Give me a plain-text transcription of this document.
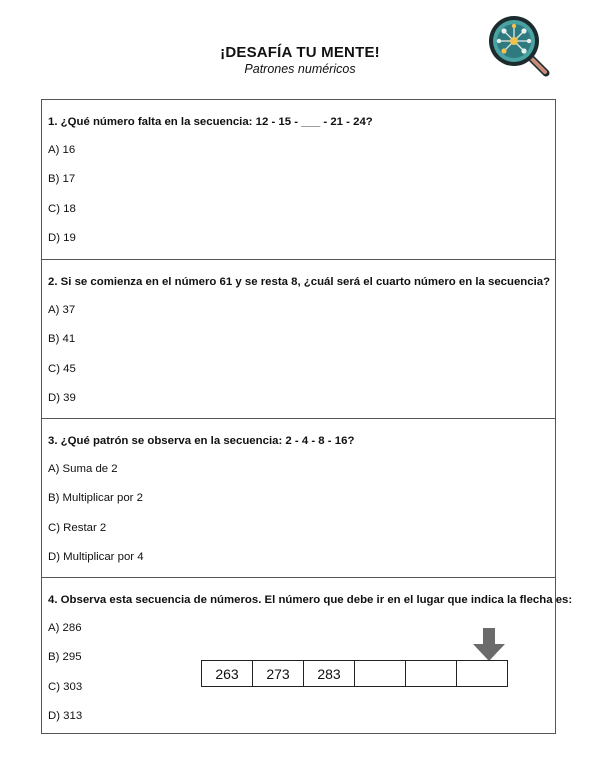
¡DESAFÍA TU MENTE!
Patrones numéricos
1. ¿Qué número falta en la secuencia: 12 - 15 - ___ - 21 - 24?
A) 16
B) 17
C) 18
D) 19
2. Si se comienza en el número 61 y se resta 8, ¿cuál será el cuarto número en la secuencia?
A) 37
B) 41
C) 45
D) 39
3. ¿Qué patrón se observa en la secuencia: 2 - 4 - 8 - 16?
A) Suma de 2
B) Multiplicar por 2
C) Restar 2
D) Multiplicar por 4
4. Observa esta secuencia de números. El número que debe ir en el lugar que indica la flecha es:
A) 286
B) 295
C) 303
D) 313
263	273	283			
